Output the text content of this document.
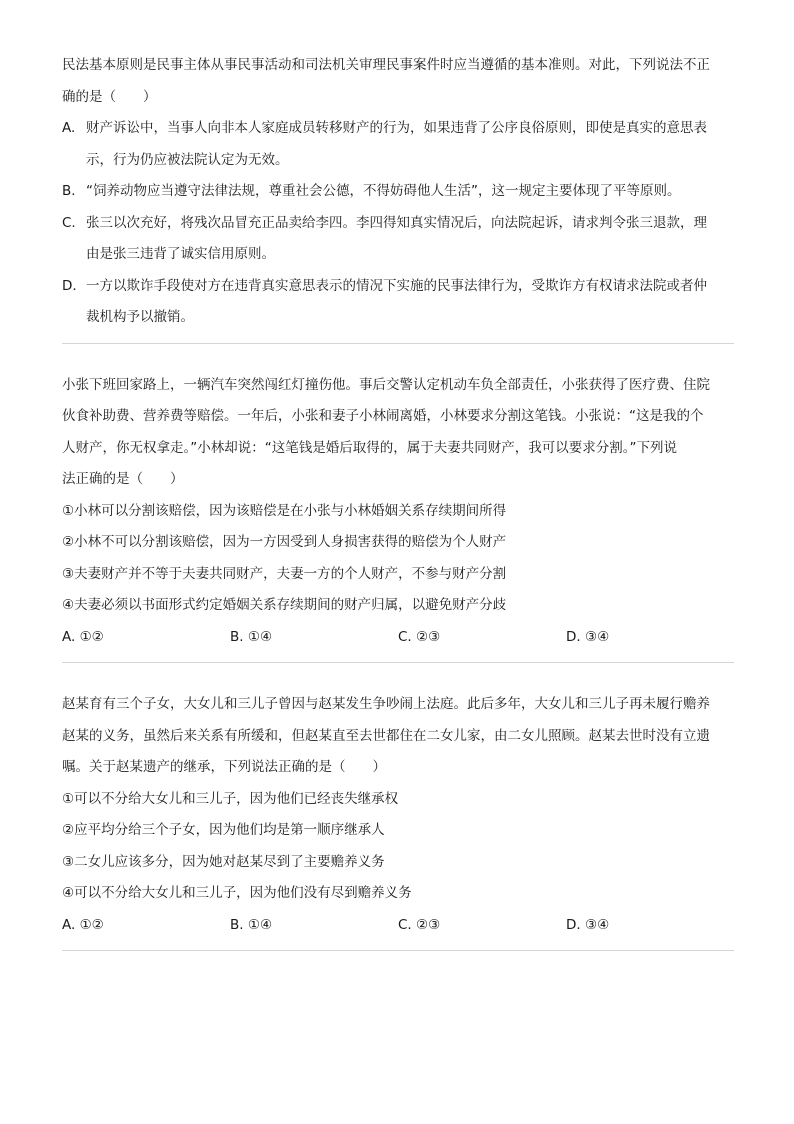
民法基本原则是民事主体从事民事活动和司法机关审理民事案件时应当遵循的基本准则。对此，下列说法不正
确的是（　　）
A. 财产诉讼中，当事人向非本人家庭成员转移财产的行为，如果违背了公序良俗原则，即使是真实的意思表
示，行为仍应被法院认定为无效。
B. “饲养动物应当遵守法律法规，尊重社会公德，不得妨碍他人生活”，这一规定主要体现了平等原则。
C. 张三以次充好，将残次品冒充正品卖给李四。李四得知真实情况后，向法院起诉，请求判令张三退款，理
由是张三违背了诚实信用原则。
D. 一方以欺诈手段使对方在违背真实意思表示的情况下实施的民事法律行为，受欺诈方有权请求法院或者仲
裁机构予以撤销。
小张下班回家路上，一辆汽车突然闯红灯撞伤他。事后交警认定机动车负全部责任，小张获得了医疗费、住院
伙食补助费、营养费等赔偿。一年后，小张和妻子小林闹离婚，小林要求分割这笔钱。小张说：“这是我的个
人财产，你无权拿走。”小林却说：“这笔钱是婚后取得的，属于夫妻共同财产，我可以要求分割。”下列说
法正确的是（　　）
①小林可以分割该赔偿，因为该赔偿是在小张与小林婚姻关系存续期间所得
②小林不可以分割该赔偿，因为一方因受到人身损害获得的赔偿为个人财产
③夫妻财产并不等于夫妻共同财产，夫妻一方的个人财产，不参与财产分割
④夫妻必须以书面形式约定婚姻关系存续期间的财产归属，以避免财产分歧
A. ①②	B. ①④	C. ②③	D. ③④
赵某育有三个子女，大女儿和三儿子曾因与赵某发生争吵闹上法庭。此后多年，大女儿和三儿子再未履行赡养
赵某的义务，虽然后来关系有所缓和，但赵某直至去世都住在二女儿家，由二女儿照顾。赵某去世时没有立遗
嘱。关于赵某遗产的继承，下列说法正确的是（　　）
①可以不分给大女儿和三儿子，因为他们已经丧失继承权
②应平均分给三个子女，因为他们均是第一顺序继承人
③二女儿应该多分，因为她对赵某尽到了主要赡养义务
④可以不分给大女儿和三儿子，因为他们没有尽到赡养义务
A. ①②	B. ①④	C. ②③	D. ③④
